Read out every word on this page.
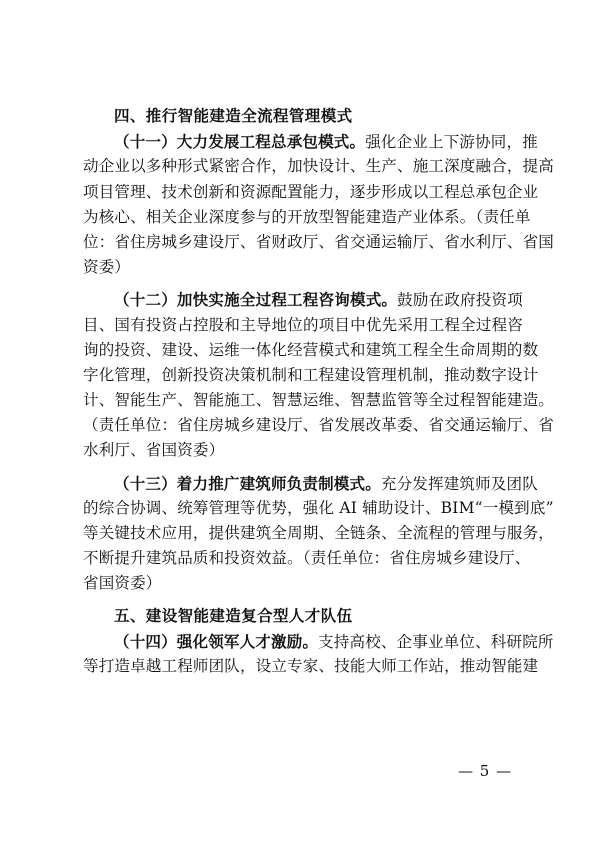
四、推行智能建造全流程管理模式
（十一）大力发展工程总承包模式。强化企业上下游协同，推
动企业以多种形式紧密合作，加快设计、生产、施工深度融合，提高
项目管理、技术创新和资源配置能力，逐步形成以工程总承包企业
为核心、相关企业深度参与的开放型智能建造产业体系。（责任单
位：省住房城乡建设厅、省财政厅、省交通运输厅、省水利厅、省国
资委）
（十二）加快实施全过程工程咨询模式。鼓励在政府投资项
目、国有投资占控股和主导地位的项目中优先采用工程全过程咨
询的投资、建设、运维一体化经营模式和建筑工程全生命周期的数
字化管理，创新投资决策机制和工程建设管理机制，推动数字设计
计、智能生产、智能施工、智慧运维、智慧监管等全过程智能建造。
（责任单位：省住房城乡建设厅、省发展改革委、省交通运输厅、省
水利厅、省国资委）
（十三）着力推广建筑师负责制模式。充分发挥建筑师及团队
的综合协调、统筹管理等优势，强化 AI 辅助设计、BIM“一模到底”
等关键技术应用，提供建筑全周期、全链条、全流程的管理与服务，
不断提升建筑品质和投资效益。（责任单位：省住房城乡建设厅、
省国资委）
五、建设智能建造复合型人才队伍
（十四）强化领军人才激励。支持高校、企事业单位、科研院所
等打造卓越工程师团队，设立专家、技能大师工作站，推动智能建
— 5 —
